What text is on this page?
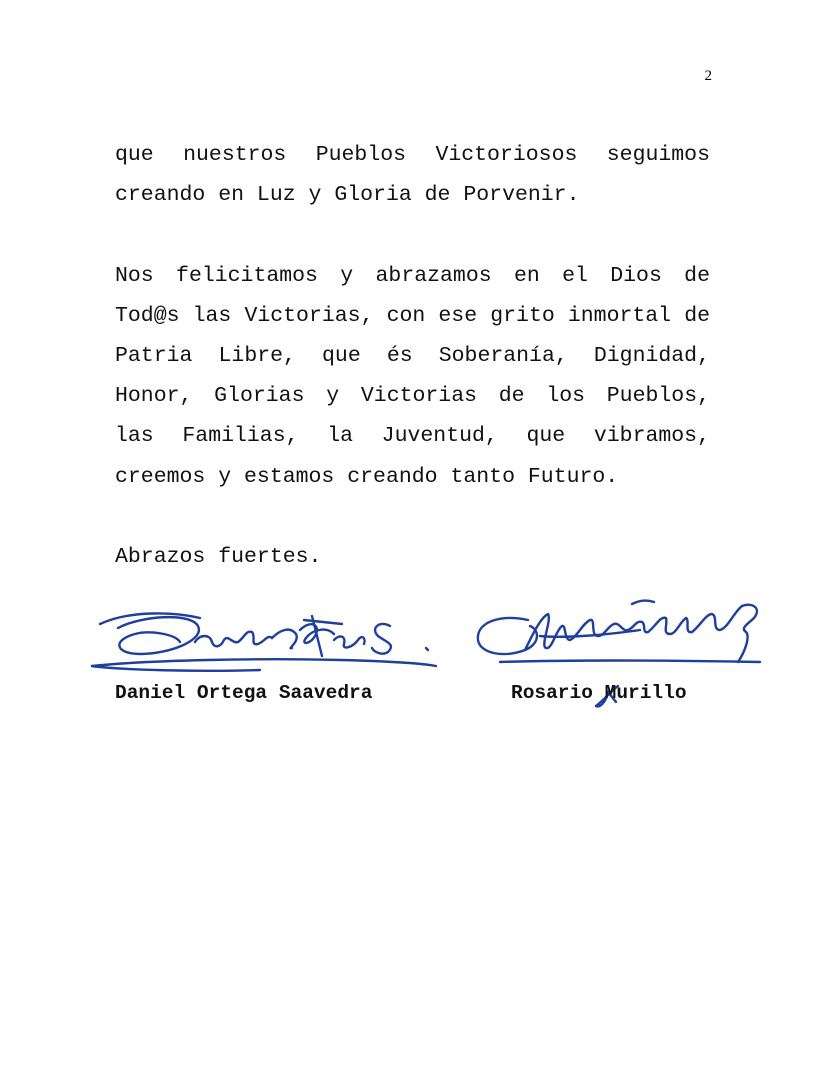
2

que nuestros Pueblos Victoriosos seguimos
creando en Luz y Gloria de Porvenir.

Nos felicitamos y abrazamos en el Dios de
Tod@s las Victorias, con ese grito inmortal de
Patria Libre, que és Soberanía, Dignidad,
Honor, Glorias y Victorias de los Pueblos,
las Familias, la Juventud, que vibramos,
creemos y estamos creando tanto Futuro.

Abrazos fuertes.

Daniel Ortega Saavedra	Rosario Murillo
